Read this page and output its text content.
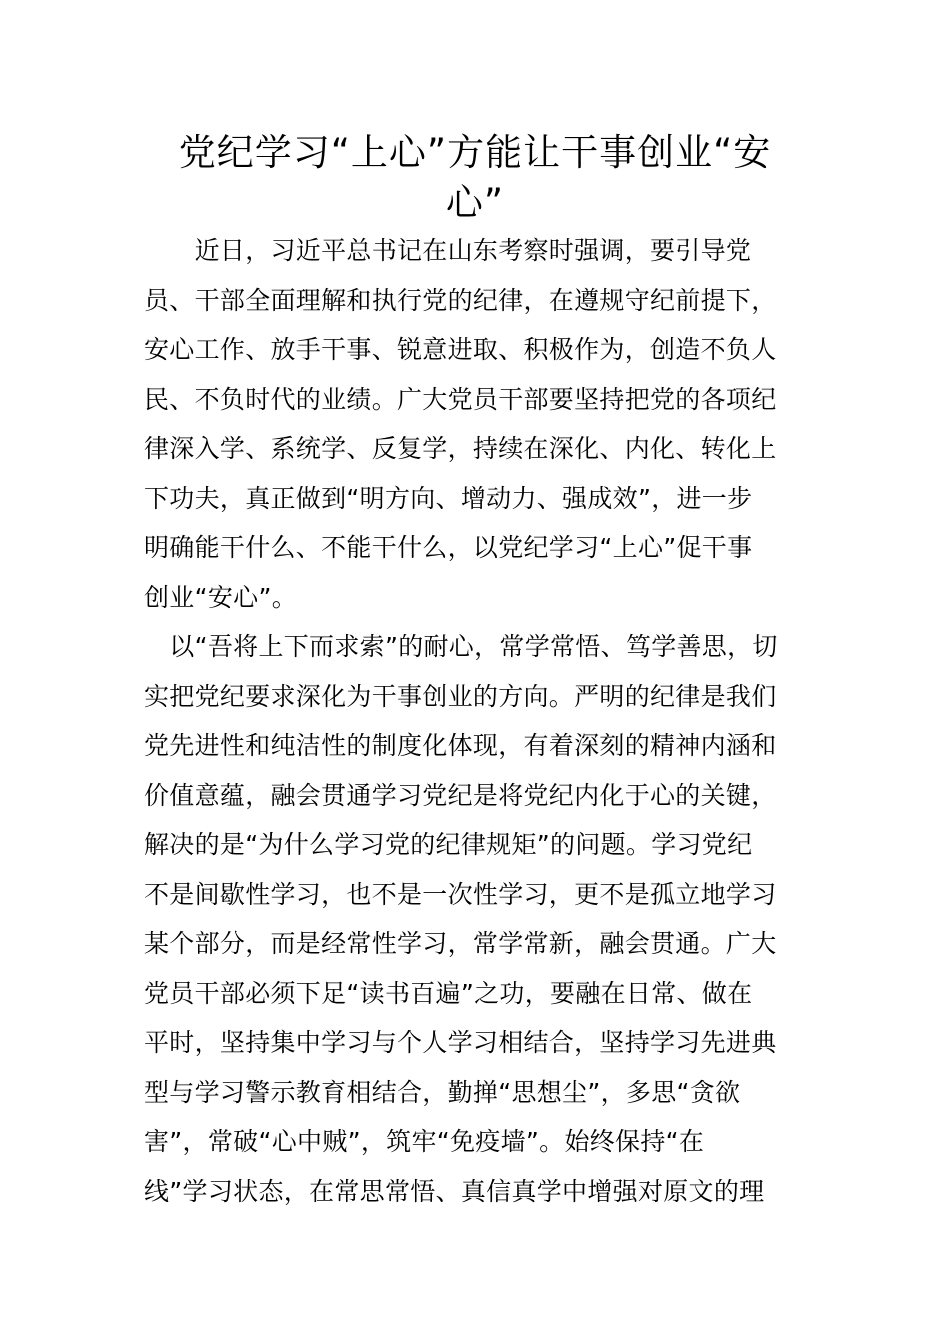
党纪学习“上心”方能让干事创业“安
心”
　　近日，习近平总书记在山东考察时强调，要引导党
员、干部全面理解和执行党的纪律，在遵规守纪前提下，
安心工作、放手干事、锐意进取、积极作为，创造不负人
民、不负时代的业绩。广大党员干部要坚持把党的各项纪
律深入学、系统学、反复学，持续在深化、内化、转化上
下功夫，真正做到“明方向、增动力、强成效”，进一步
明确能干什么、不能干什么，以党纪学习“上心”促干事
创业“安心”。
　以“吾将上下而求索”的耐心，常学常悟、笃学善思，切
实把党纪要求深化为干事创业的方向。严明的纪律是我们
党先进性和纯洁性的制度化体现，有着深刻的精神内涵和
价值意蕴，融会贯通学习党纪是将党纪内化于心的关键，
解决的是“为什么学习党的纪律规矩”的问题。学习党纪
不是间歇性学习，也不是一次性学习，更不是孤立地学习
某个部分，而是经常性学习，常学常新，融会贯通。广大
党员干部必须下足“读书百遍”之功，要融在日常、做在
平时，坚持集中学习与个人学习相结合，坚持学习先进典
型与学习警示教育相结合，勤掸“思想尘”，多思“贪欲
害”，常破“心中贼”，筑牢“免疫墙”。始终保持“在
线”学习状态，在常思常悟、真信真学中增强对原文的理
